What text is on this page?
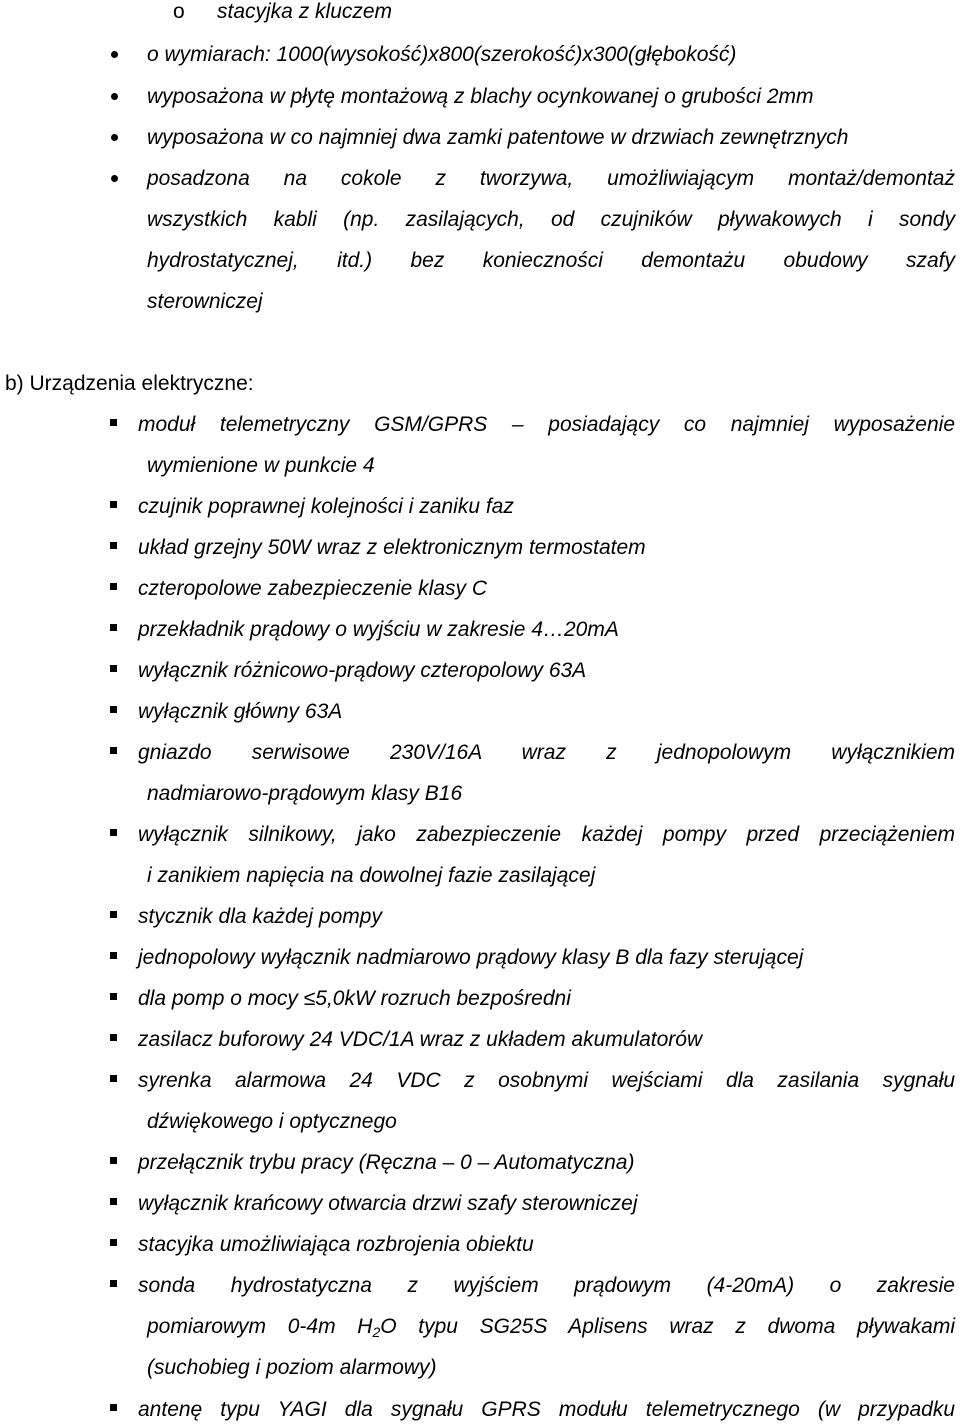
o stacyjka z kluczem
o wymiarach: 1000(wysokość)x800(szerokość)x300(głębokość)
wyposażona w płytę montażową z blachy ocynkowanej o grubości 2mm
wyposażona w co najmniej dwa zamki patentowe w drzwiach zewnętrznych
posadzona na cokole z tworzywa, umożliwiającym montaż/demontaż
wszystkich kabli (np. zasilających, od czujników pływakowych i sondy
hydrostatycznej, itd.) bez konieczności demontażu obudowy szafy
sterowniczej
b) Urządzenia elektryczne:
moduł telemetryczny GSM/GPRS – posiadający co najmniej wyposażenie
wymienione w punkcie 4
czujnik poprawnej kolejności i zaniku faz
układ grzejny 50W wraz z elektronicznym termostatem
czteropolowe zabezpieczenie klasy C
przekładnik prądowy o wyjściu w zakresie 4…20mA
wyłącznik różnicowo-prądowy czteropolowy 63A
wyłącznik główny 63A
gniazdo serwisowe 230V/16A wraz z jednopolowym wyłącznikiem
nadmiarowo-prądowym klasy B16
wyłącznik silnikowy, jako zabezpieczenie każdej pompy przed przeciążeniem
i zanikiem napięcia na dowolnej fazie zasilającej
stycznik dla każdej pompy
jednopolowy wyłącznik nadmiarowo prądowy klasy B dla fazy sterującej
dla pomp o mocy ≤5,0kW rozruch bezpośredni
zasilacz buforowy 24 VDC/1A wraz z układem akumulatorów
syrenka alarmowa 24 VDC z osobnymi wejściami dla zasilania sygnału
dźwiękowego i optycznego
przełącznik trybu pracy (Ręczna – 0 – Automatyczna)
wyłącznik krańcowy otwarcia drzwi szafy sterowniczej
stacyjka umożliwiająca rozbrojenia obiektu
sonda hydrostatyczna z wyjściem prądowym (4-20mA) o zakresie
pomiarowym 0-4m $H_2O$ typu SG25S Aplisens wraz z dwoma pływakami
(suchobieg i poziom alarmowy)
antenę typu YAGI dla sygnału GPRS modułu telemetrycznego (w przypadku
